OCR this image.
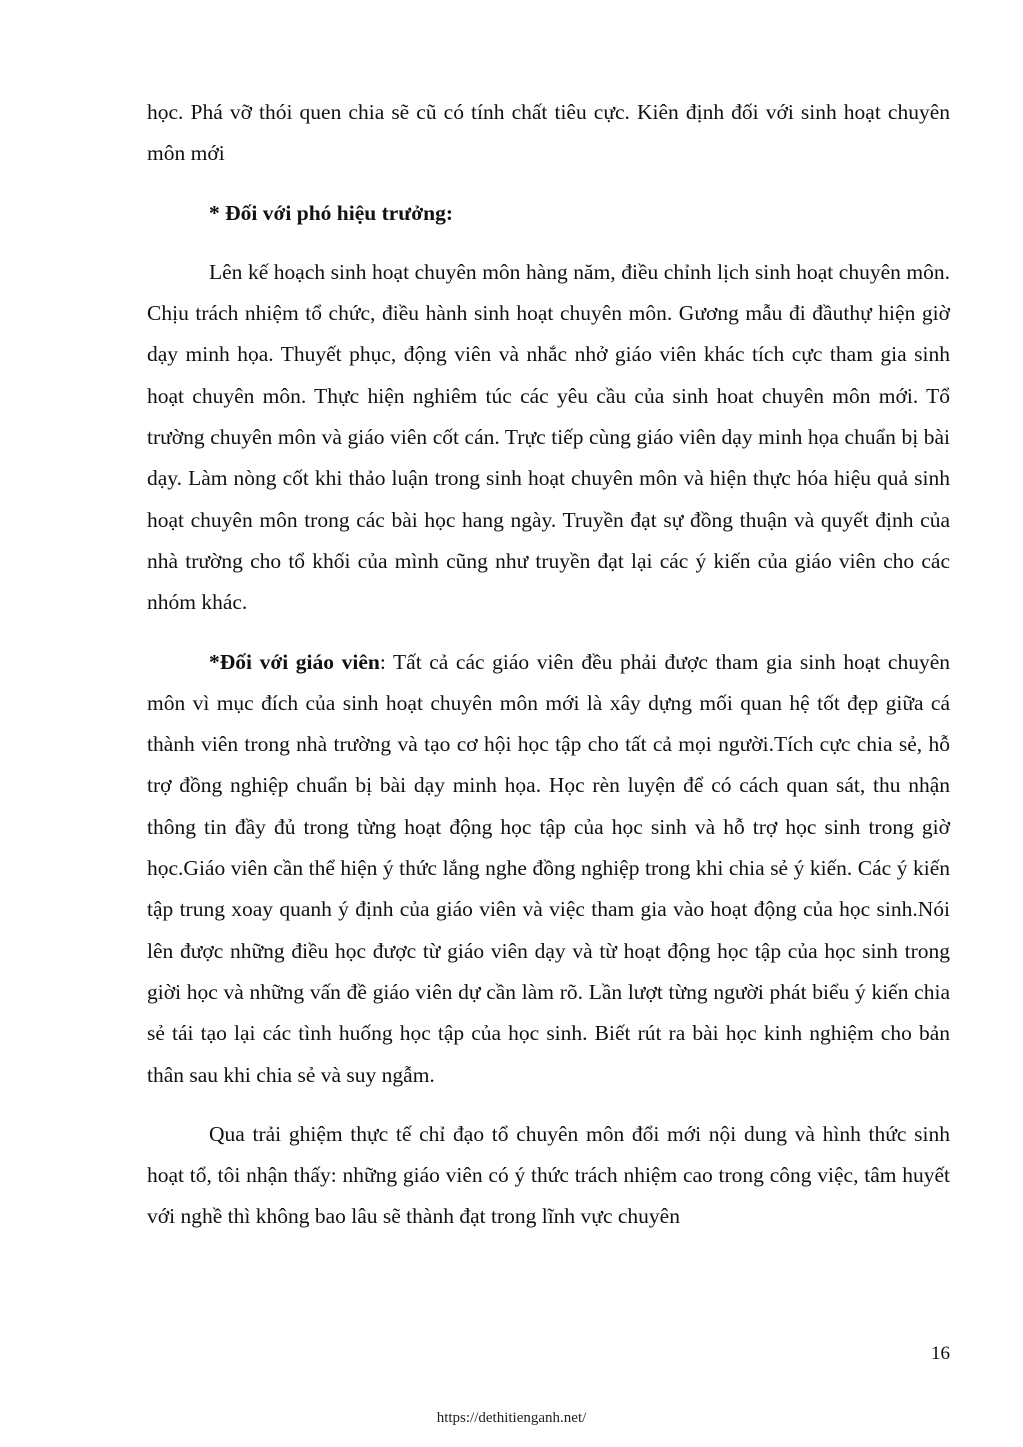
học. Phá vỡ thói quen chia sẽ cũ có tính chất tiêu cực. Kiên định đối với sinh hoạt chuyên môn mới

* Đối với phó hiệu trưởng:

Lên kế hoạch sinh hoạt chuyên môn hàng năm, điều chỉnh lịch sinh hoạt chuyên môn. Chịu trách nhiệm tổ chức, điều hành sinh hoạt chuyên môn. Gương mẫu đi đầuthự hiện giờ dạy minh họa. Thuyết phục, động viên và nhắc nhở giáo viên khác tích cực tham gia sinh hoạt chuyên môn. Thực hiện nghiêm túc các yêu cầu của sinh hoat chuyên môn mới. Tổ trường chuyên môn và giáo viên cốt cán. Trực tiếp cùng giáo viên dạy minh họa chuẩn bị bài dạy. Làm nòng cốt khi thảo luận trong sinh hoạt chuyên môn và hiện thực hóa hiệu quả sinh hoạt chuyên môn trong các bài học hang ngày. Truyền đạt sự đồng thuận và quyết định của nhà trường cho tổ khối của mình cũng như truyền đạt lại các ý kiến của giáo viên cho các nhóm khác.

*Đối với giáo viên: Tất cả các giáo viên đều phải được tham gia sinh hoạt chuyên môn vì mục đích của sinh hoạt chuyên môn mới là xây dựng mối quan hệ tốt đẹp giữa cá thành viên trong nhà trường và tạo cơ hội học tập cho tất cả mọi người.Tích cực chia sẻ, hỗ trợ đồng nghiệp chuẩn bị bài dạy minh họa. Học rèn luyện để có cách quan sát, thu nhận thông tin đầy đủ trong từng hoạt động học tập của học sinh và hỗ trợ học sinh trong giờ học.Giáo viên cần thể hiện ý thức lắng nghe đồng nghiệp trong khi chia sẻ ý kiến. Các ý kiến tập trung xoay quanh ý định của giáo viên và việc tham gia vào hoạt động của học sinh.Nói lên được những điều học được từ giáo viên dạy và từ hoạt động học tập của học sinh trong giời học và những vấn đề giáo viên dự cần làm rõ. Lần lượt từng người phát biểu ý kiến chia sẻ tái tạo lại các tình huống học tập của học sinh. Biết rút ra bài học kinh nghiệm cho bản thân sau khi chia sẻ và suy ngẫm.

Qua trải ghiệm thực tế chỉ đạo tổ chuyên môn đổi mới nội dung và hình thức sinh hoạt tổ, tôi nhận thấy: những giáo viên có ý thức trách nhiệm cao trong công việc, tâm huyết với nghề thì không bao lâu sẽ thành đạt trong lĩnh vực chuyên

16
https://dethitienganh.net/
